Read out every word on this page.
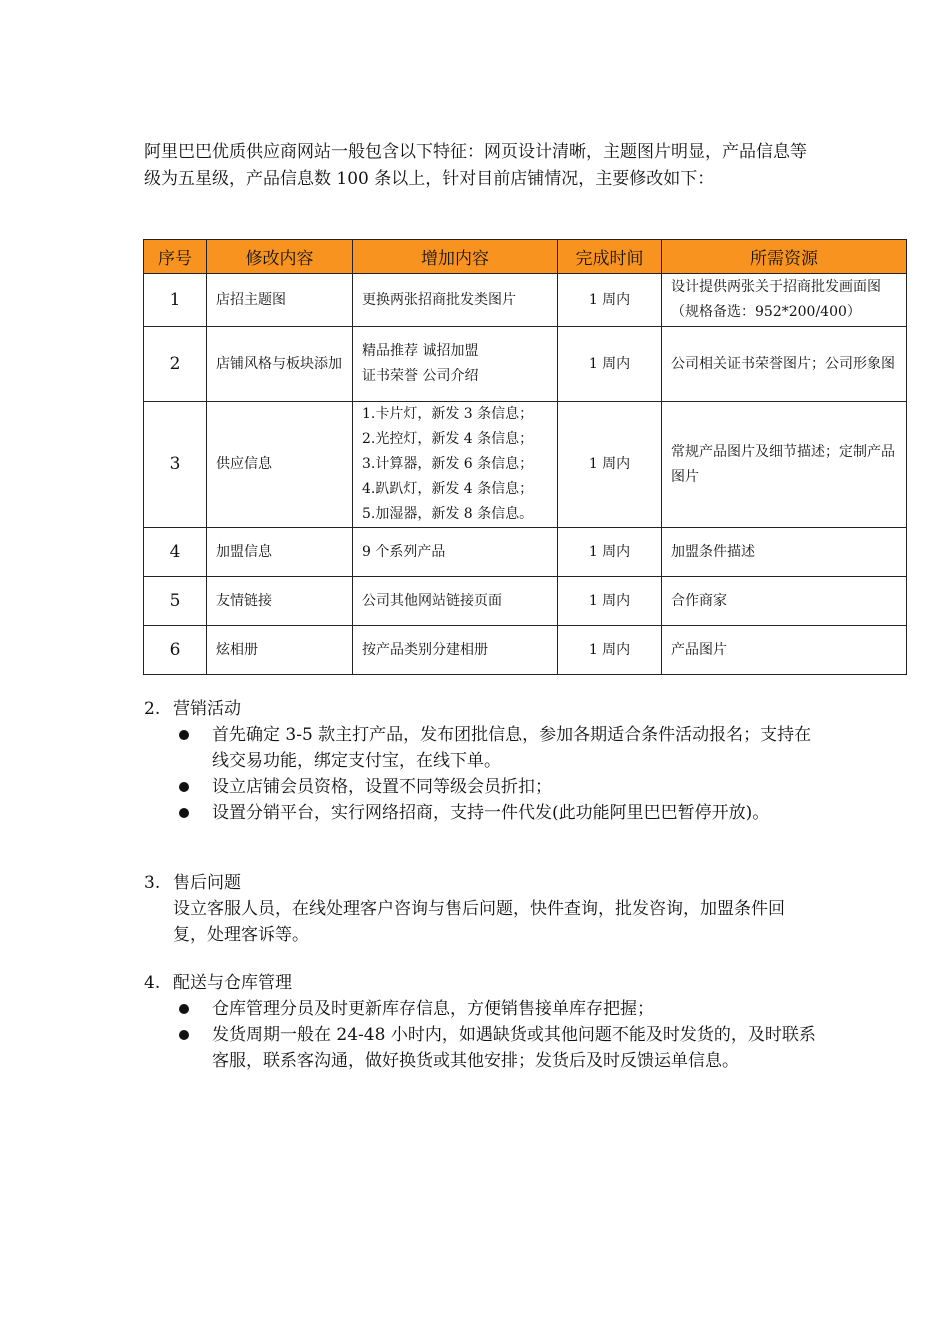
阿里巴巴优质供应商网站一般包含以下特征：网页设计清晰，主题图片明显，产品信息等级为五星级，产品信息数 100 条以上，针对目前店铺情况，主要修改如下：

序号	修改内容	增加内容	完成时间	所需资源
1	店招主题图	更换两张招商批发类图片	1 周内	设计提供两张关于招商批发画面图（规格备选：952*200/400）
2	店铺风格与板块添加	精品推荐 诚招加盟
证书荣誉 公司介绍	1 周内	公司相关证书荣誉图片；公司形象图
3	供应信息	1.卡片灯，新发 3 条信息；
2.光控灯，新发 4 条信息；
3.计算器，新发 6 条信息；
4.趴趴灯，新发 4 条信息；
5.加湿器，新发 8 条信息。	1 周内	常规产品图片及细节描述；定制产品图片
4	加盟信息	9 个系列产品	1 周内	加盟条件描述
5	友情链接	公司其他网站链接页面	1 周内	合作商家
6	炫相册	按产品类别分建相册	1 周内	产品图片
2. 营销活动
首先确定 3-5 款主打产品，发布团批信息，参加各期适合条件活动报名；支持在线交易功能，绑定支付宝，在线下单。
设立店铺会员资格，设置不同等级会员折扣；
设置分销平台，实行网络招商，支持一件代发(此功能阿里巴巴暂停开放)。
3. 售后问题
设立客服人员，在线处理客户咨询与售后问题，快件查询，批发咨询，加盟条件回复，处理客诉等。
4. 配送与仓库管理
仓库管理分员及时更新库存信息，方便销售接单库存把握；
发货周期一般在 24-48 小时内，如遇缺货或其他问题不能及时发货的，及时联系客服，联系客沟通，做好换货或其他安排；发货后及时反馈运单信息。
